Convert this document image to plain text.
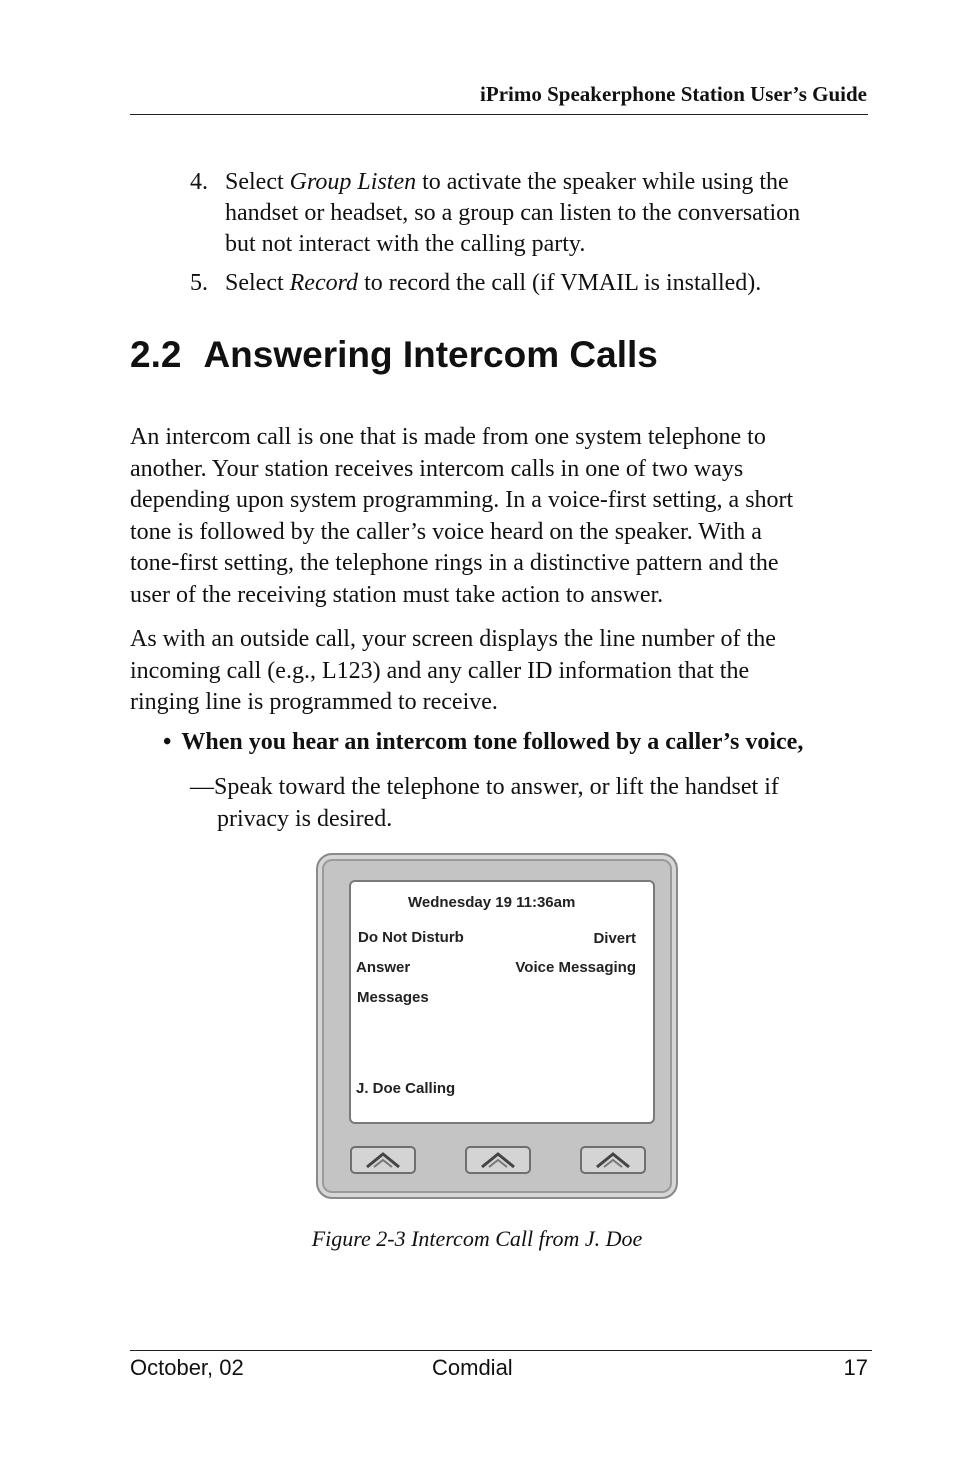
iPrimo Speakerphone Station User’s Guide
4. Select Group Listen to activate the speaker while using the
handset or headset, so a group can listen to the conversation
but not interact with the calling party.
5. Select Record to record the call (if VMAIL is installed).
2.2 Answering Intercom Calls

An intercom call is one that is made from one system telephone to
another. Your station receives intercom calls in one of two ways
depending upon system programming. In a voice-first setting, a short
tone is followed by the caller’s voice heard on the speaker. With a
tone-first setting, the telephone rings in a distinctive pattern and the
user of the receiving station must take action to answer.

As with an outside call, your screen displays the line number of the
incoming call (e.g., L123) and any caller ID information that the
ringing line is programmed to receive.

• When you hear an intercom tone followed by a caller’s voice,
—Speak toward the telephone to answer, or lift the handset if
privacy is desired.
Wednesday 19 11:36am
Do Not Disturb	Divert
Answer	Voice Messaging
Messages
J. Doe Calling
Figure 2-3 Intercom Call from J. Doe
October, 02	Comdial	17
